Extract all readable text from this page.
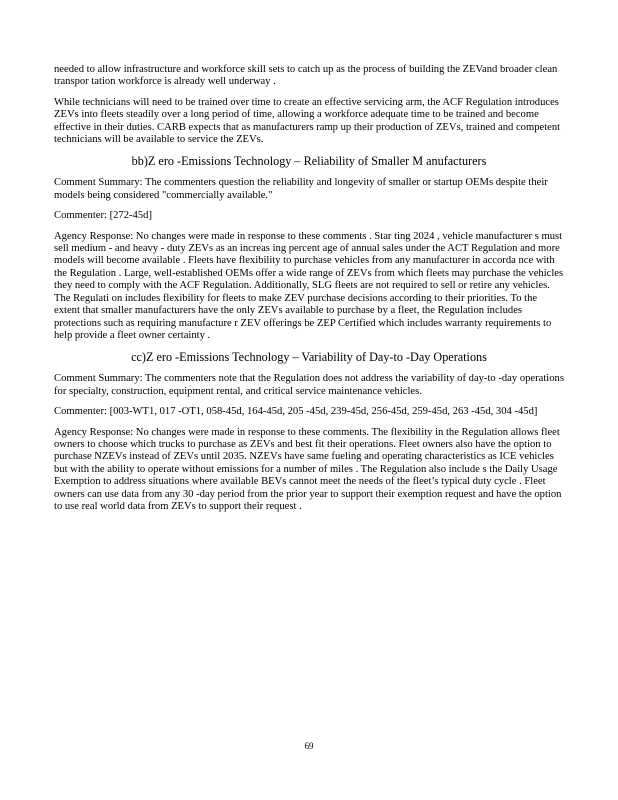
needed to allow infrastructure and workforce skill sets to catch up as the process of building the ZEVand broader clean transpor tation workforce is already well underway .

While technicians will need to be trained over time to create an effective servicing arm, the ACF Regulation introduces ZEVs into fleets steadily over a long period of time, allowing a workforce adequate time to be trained and become effective in their duties. CARB expects that as manufacturers ramp up their production of ZEVs, trained and competent technicians will be available to service the ZEVs.

bb)Z ero -Emissions Technology – Reliability of Smaller M anufacturers

Comment Summary: The commenters question the reliability and longevity of smaller or startup OEMs despite their models being considered "commercially available."

Commenter: [272-45d]

Agency Response: No changes were made in response to these comments . Star ting 2024 , vehicle manufacturer s must sell medium - and heavy - duty ZEVs as an increas ing percent age of annual sales under the ACT Regulation and more models will become available . Fleets have flexibility to purchase vehicles from any manufacturer in accorda nce with the Regulation . Large, well-established OEMs offer a wide range of ZEVs from which fleets may purchase the vehicles they need to comply with the ACF Regulation. Additionally, SLG fleets are not required to sell or retire any vehicles. The Regulati on includes flexibility for fleets to make ZEV purchase decisions according to their priorities. To the extent that smaller manufacturers have the only ZEVs available to purchase by a fleet, the Regulation includes protections such as requiring manufacture r ZEV offerings be ZEP Certified which includes warranty requirements to help provide a fleet owner certainty .

cc)Z ero -Emissions Technology – Variability of Day-to -Day Operations

Comment Summary: The commenters note that the Regulation does not address the variability of day-to -day operations for specialty, construction, equipment rental, and critical service maintenance vehicles.

Commenter: [003-WT1, 017 -OT1, 058-45d, 164-45d, 205 -45d, 239-45d, 256-45d, 259-45d, 263 -45d, 304 -45d]

Agency Response: No changes were made in response to these comments. The flexibility in the Regulation allows fleet owners to choose which trucks to purchase as ZEVs and best fit their operations. Fleet owners also have the option to purchase NZEVs instead of ZEVs until 2035. NZEVs have same fueling and operating characteristics as ICE vehicles but with the ability to operate without emissions for a number of miles . The Regulation also include s the Daily Usage Exemption to address situations where available BEVs cannot meet the needs of the fleet’s typical duty cycle . Fleet owners can use data from any 30 -day period from the prior year to support their exemption request and have the option to use real world data from ZEVs to support their request .

69
